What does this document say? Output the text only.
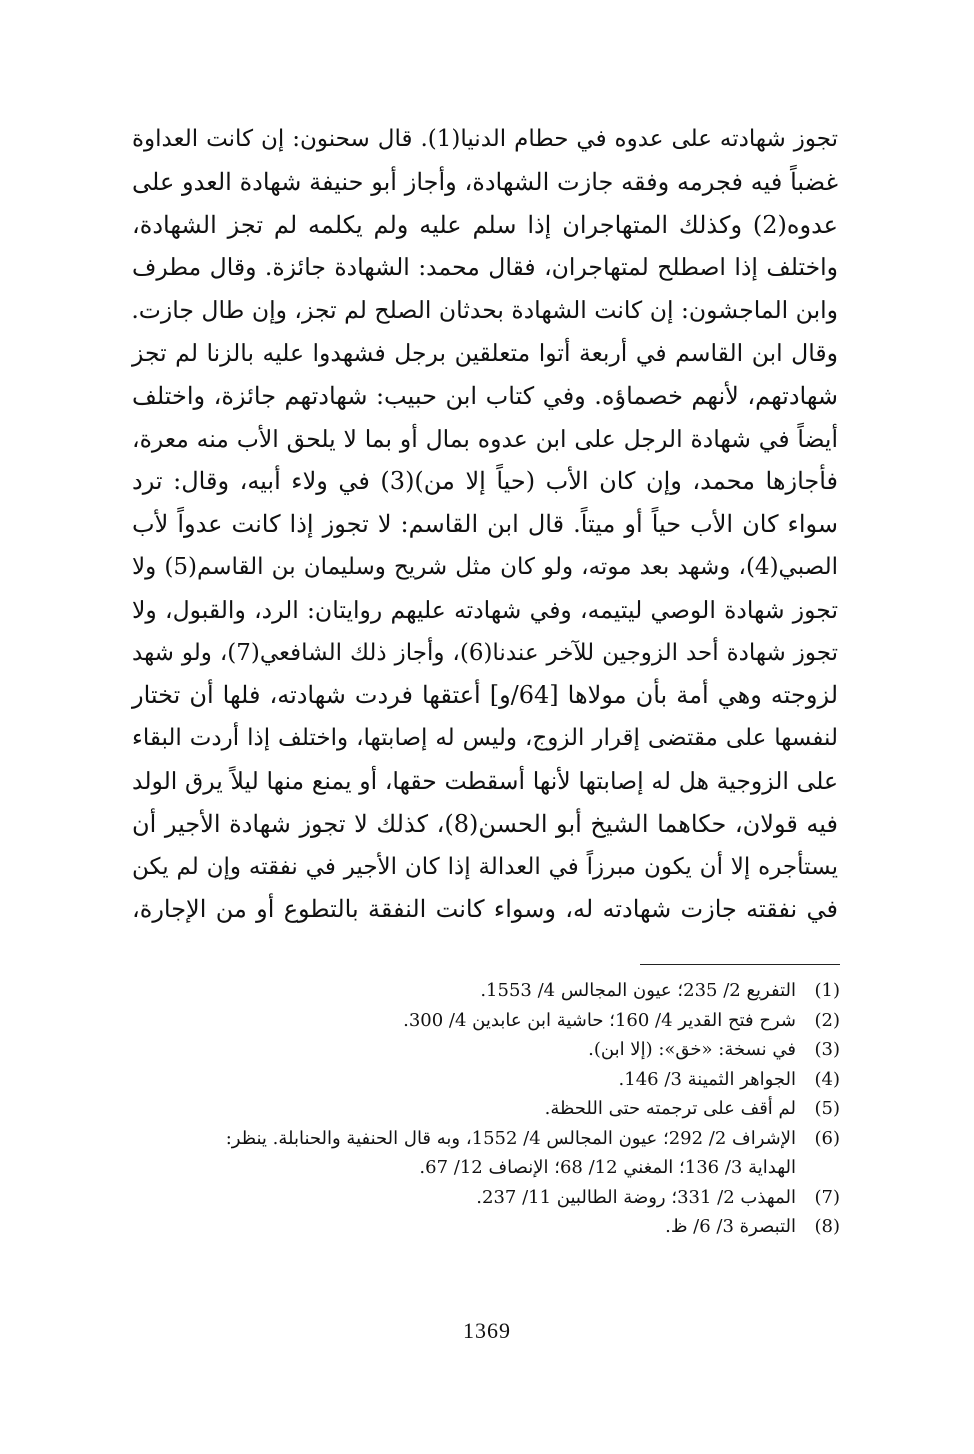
تجوز شهادته على عدوه في حطام الدنيا(1). قال سحنون: إن كانت العداوة
غضباً فيه فجرمه وفقه جازت الشهادة، وأجاز أبو حنيفة شهادة العدو على
عدوه(2) وكذلك المتهاجران إذا سلم عليه ولم يكلمه لم تجز الشهادة،
واختلف إذا اصطلح لمتهاجران، فقال محمد: الشهادة جائزة. وقال مطرف
وابن الماجشون: إن كانت الشهادة بحدثان الصلح لم تجز، وإن طال جازت.
وقال ابن القاسم في أربعة أتوا متعلقين برجل فشهدوا عليه بالزنا لم تجز
شهادتهم، لأنهم خصماؤه. وفي كتاب ابن حبيب: شهادتهم جائزة، واختلف
أيضاً في شهادة الرجل على ابن عدوه بمال أو بما لا يلحق الأب منه معرة،
فأجازها محمد، وإن كان الأب (حياً إلا من)(3) في ولاء أبيه، وقال: ترد
سواء كان الأب حياً أو ميتاً. قال ابن القاسم: لا تجوز إذا كانت عدواً لأب
الصبي(4)، وشهد بعد موته، ولو كان مثل شريح وسليمان بن القاسم(5) ولا
تجوز شهادة الوصي ليتيمه، وفي شهادته عليهم روايتان: الرد، والقبول، ولا
تجوز شهادة أحد الزوجين للآخر عندنا(6)، وأجاز ذلك الشافعي(7)، ولو شهد
لزوجته وهي أمة بأن مولاها [64/و] أعتقها فردت شهادته، فلها أن تختار
لنفسها على مقتضى إقرار الزوج، وليس له إصابتها، واختلف إذا أردت البقاء
على الزوجية هل له إصابتها لأنها أسقطت حقها، أو يمنع منها ليلاً يرق الولد
فيه قولان، حكاهما الشيخ أبو الحسن(8)، كذلك لا تجوز شهادة الأجير أن
يستأجره إلا أن يكون مبرزاً في العدالة إذا كان الأجير في نفقته وإن لم يكن
في نفقته جازت شهادته له، وسواء كانت النفقة بالتطوع أو من الإجارة،
(1)
التفريع 2/ 235؛ عيون المجالس 4/ 1553.
(2)
شرح فتح القدير 4/ 160؛ حاشية ابن عابدين 4/ 300.
(3)
في نسخة: «خق»: (إلا ابن).
(4)
الجواهر الثمينة 3/ 146.
(5)
لم أقف على ترجمته حتى اللحظة.
(6)
الإشراف 2/ 292؛ عيون المجالس 4/ 1552، وبه قال الحنفية والحنابلة. ينظر:
الهداية 3/ 136؛ المغني 12/ 68؛ الإنصاف 12/ 67.
(7)
المهذب 2/ 331؛ روضة الطالبين 11/ 237.
(8)
التبصرة 3/ 6/ ظ.
1369
